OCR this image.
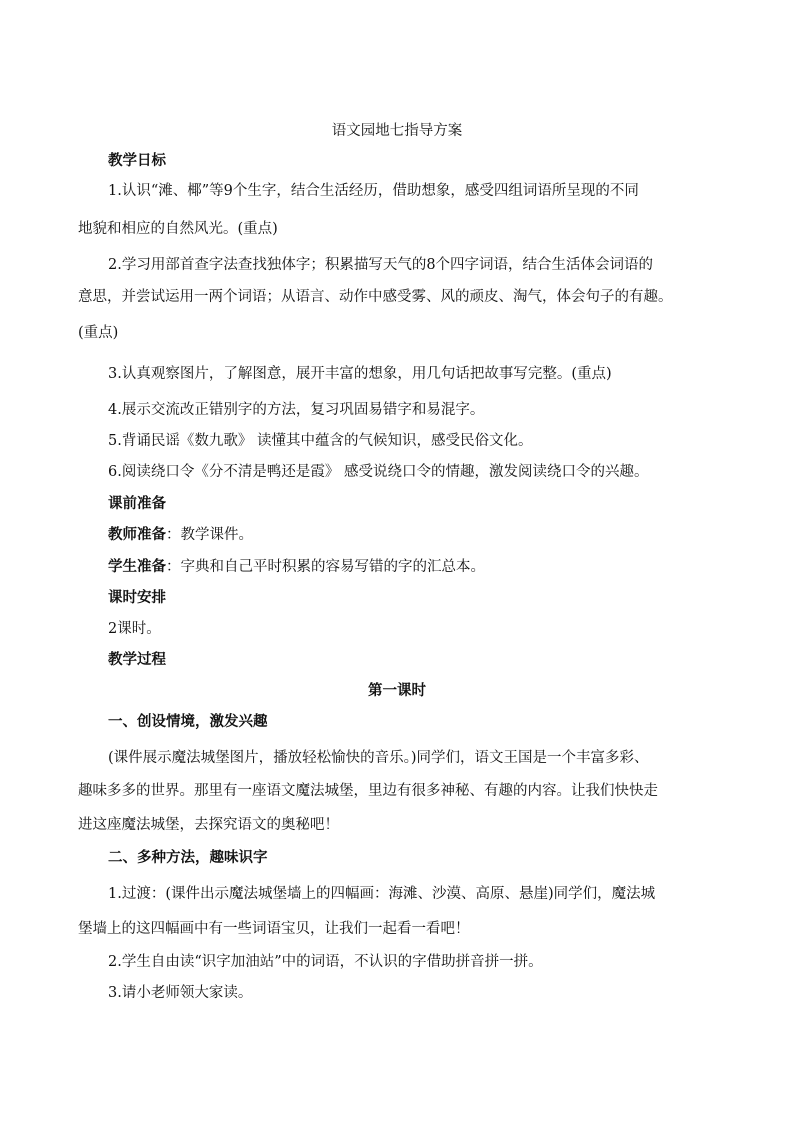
语文园地七指导方案
教学日标
1.认识“滩、椰”等9个生字，结合生活经历，借助想象，感受四组词语所呈现的不同
地貌和相应的自然风光。(重点)
2.学习用部首查字法查找独体字；积累描写天气的8个四字词语，结合生活体会词语的
意思，并尝试运用一两个词语；从语言、动作中感受雾、风的顽皮、淘气，体会句子的有趣。
(重点)
3.认真观察图片，了解图意，展开丰富的想象，用几句话把故事写完整。(重点)
4.展示交流改正错别字的方法，复习巩固易错字和易混字。
5.背诵民谣《数九歌》 读懂其中蕴含的气候知识，感受民俗文化。
6.阅读绕口令《分不清是鸭还是霞》 感受说绕口令的情趣，激发阅读绕口令的兴趣。
课前准备
教师准备：教学课件。
学生准备：字典和自己平时积累的容易写错的字的汇总本。
课时安排
2课时。
教学过程
第一课时
一、创设情境，激发兴趣
(课件展示魔法城堡图片，播放轻松愉快的音乐。)同学们，语文王国是一个丰富多彩、
趣味多多的世界。那里有一座语文魔法城堡，里边有很多神秘、有趣的内容。让我们快快走
进这座魔法城堡，去探究语文的奥秘吧！
二、多种方法，趣味识字
1.过渡：(课件出示魔法城堡墙上的四幅画：海滩、沙漠、高原、悬崖)同学们，魔法城
堡墙上的这四幅画中有一些词语宝贝，让我们一起看一看吧！
2.学生自由读“识字加油站”中的词语，不认识的字借助拼音拼一拼。
3.请小老师领大家读。
